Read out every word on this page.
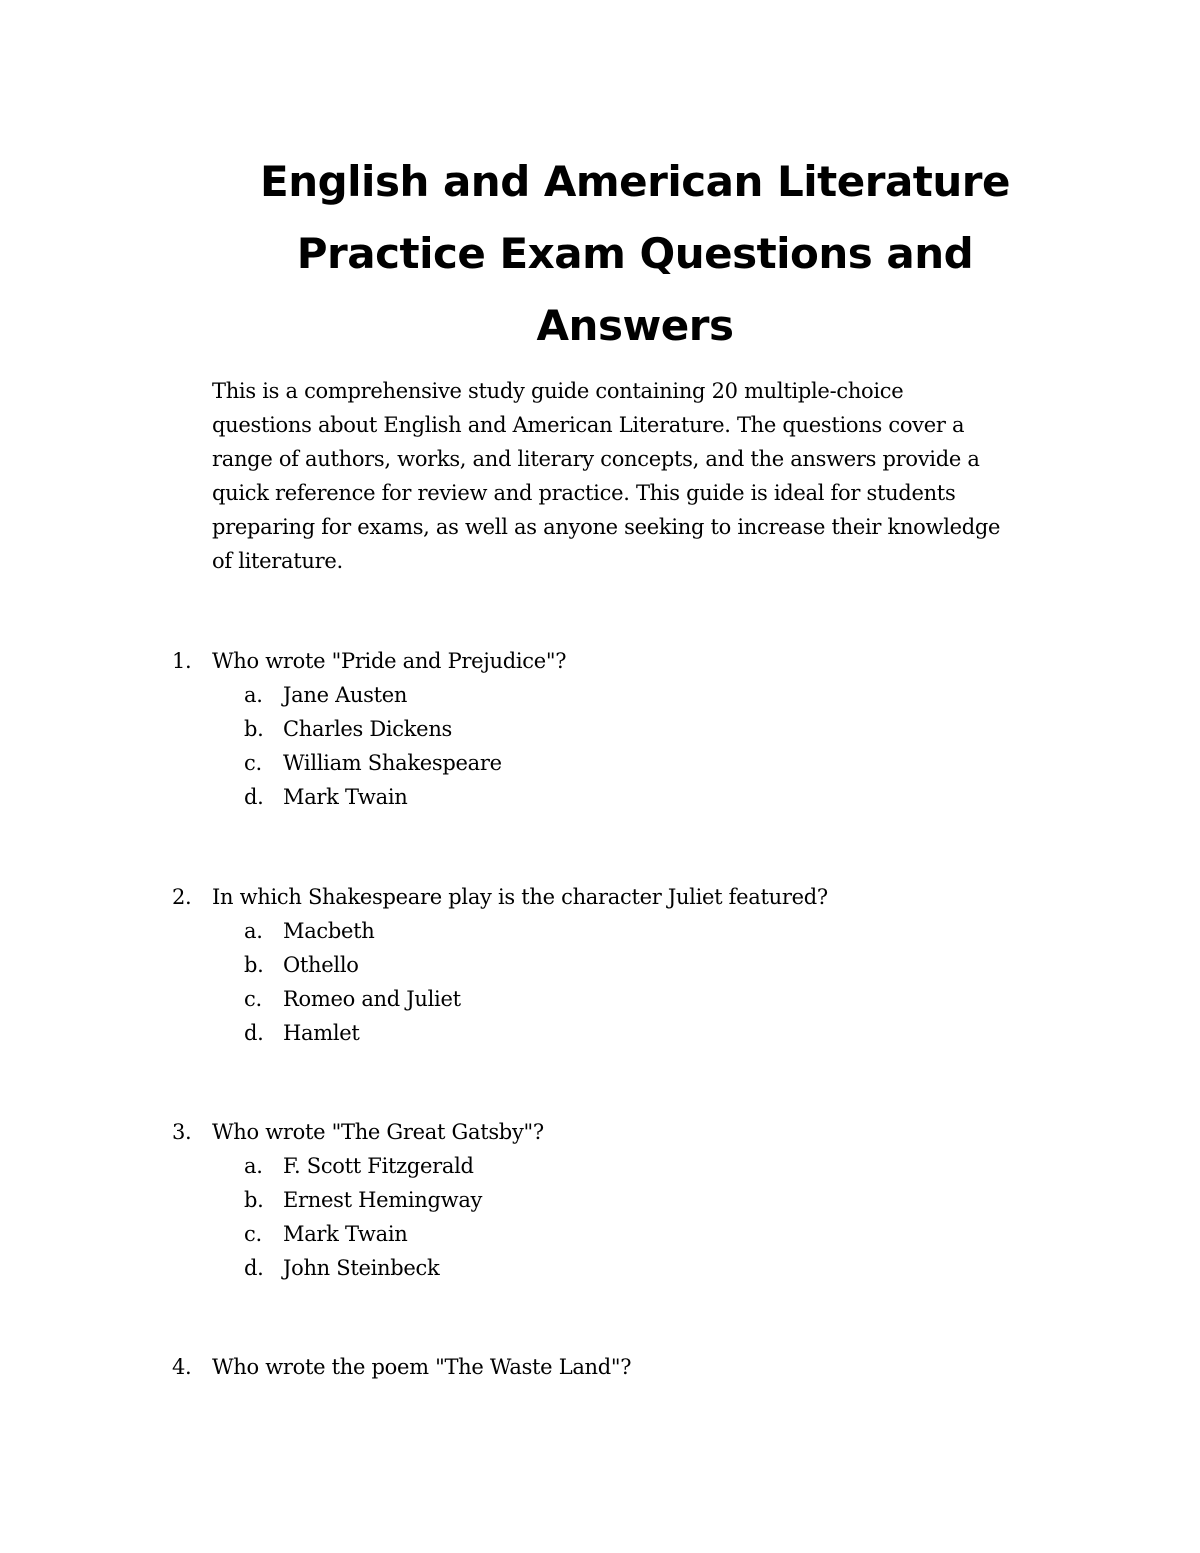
English and American Literature
Practice Exam Questions and
Answers

This is a comprehensive study guide containing 20 multiple-choice
questions about English and American Literature. The questions cover a
range of authors, works, and literary concepts, and the answers provide a
quick reference for review and practice. This guide is ideal for students
preparing for exams, as well as anyone seeking to increase their knowledge
of literature.

1. Who wrote "Pride and Prejudice"?
a. Jane Austen
b. Charles Dickens
c. William Shakespeare
d. Mark Twain
2. In which Shakespeare play is the character Juliet featured?
a. Macbeth
b. Othello
c. Romeo and Juliet
d. Hamlet
3. Who wrote "The Great Gatsby"?
a. F. Scott Fitzgerald
b. Ernest Hemingway
c. Mark Twain
d. John Steinbeck
4. Who wrote the poem "The Waste Land"?
